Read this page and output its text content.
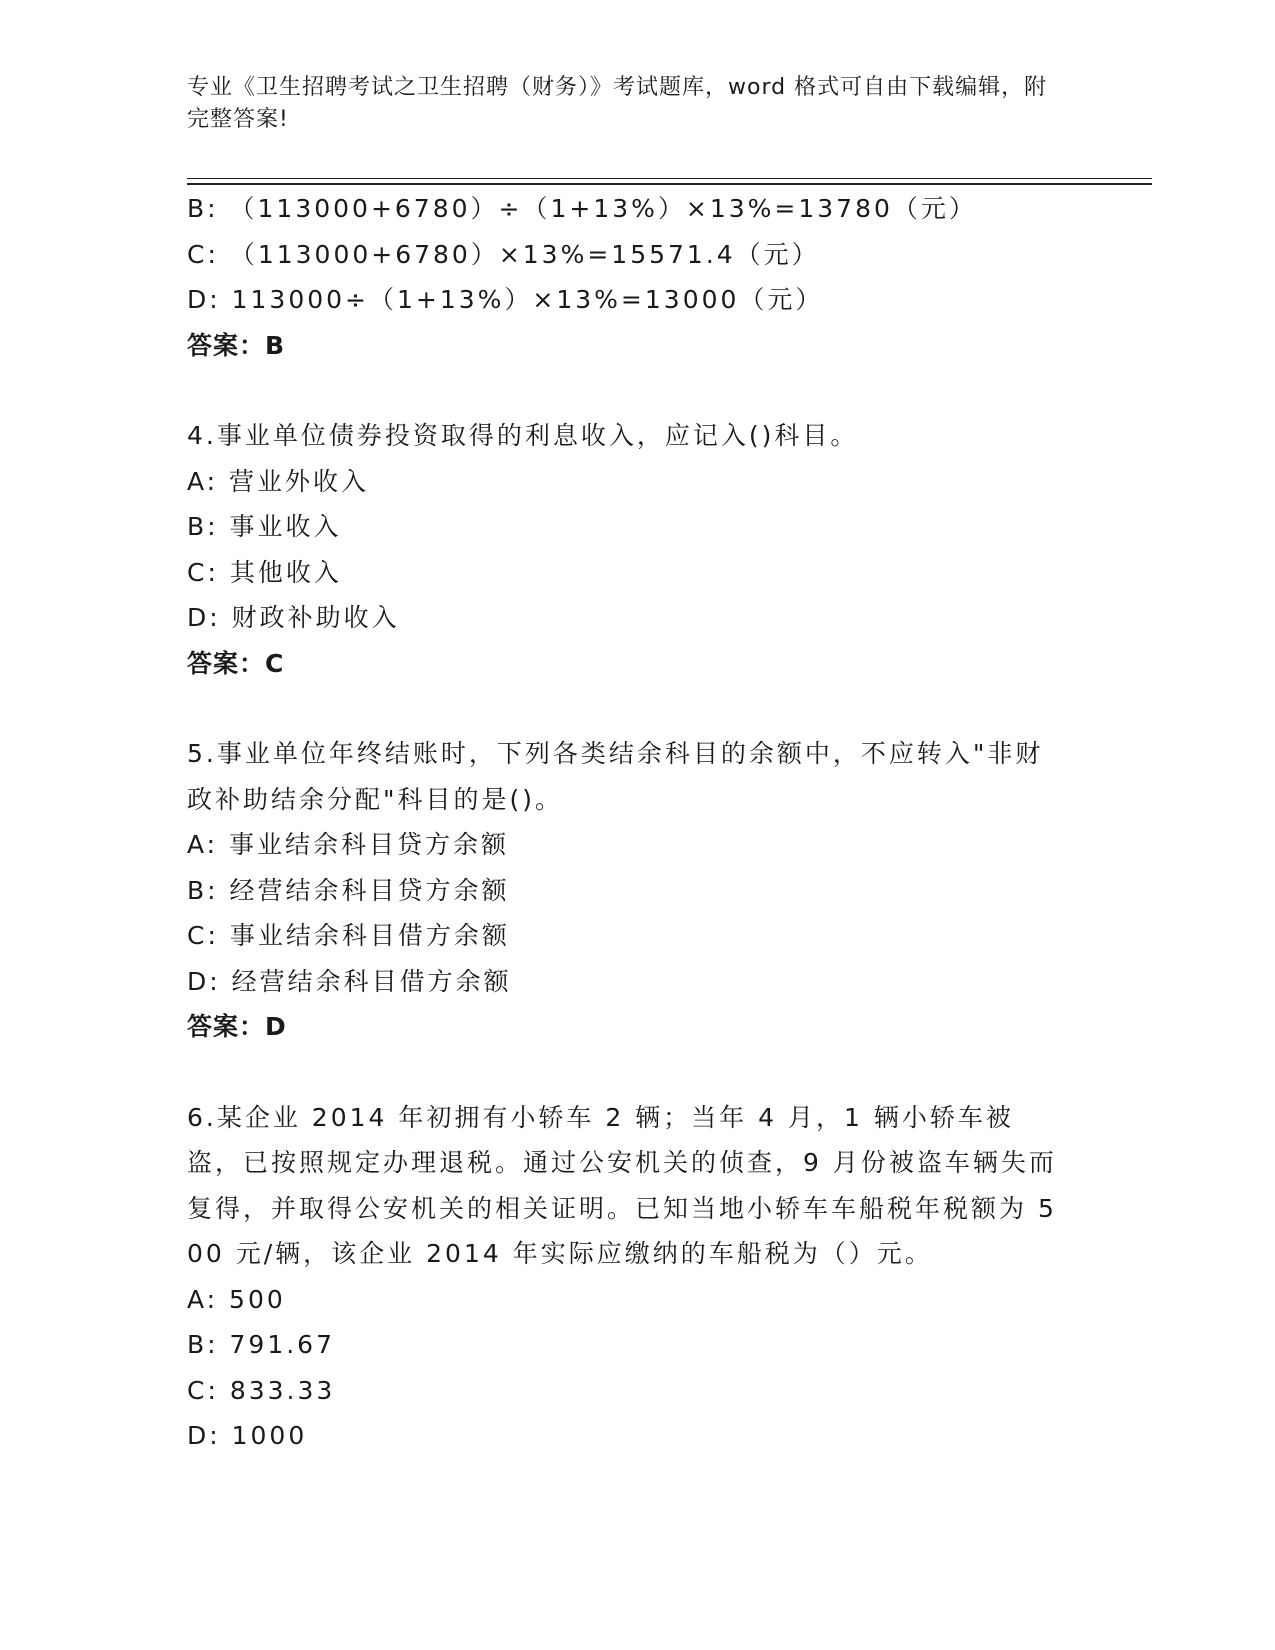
专业《卫生招聘考试之卫生招聘（财务）》考试题库，word 格式可自由下载编辑，附完整答案!
B: （113000+6780）÷（1+13%）×13%=13780（元）
C: （113000+6780）×13%=15571.4（元）
D: 113000÷（1+13%）×13%=13000（元）
答案：B
4.事业单位债券投资取得的利息收入，应记入()科目。
A: 营业外收入
B: 事业收入
C: 其他收入
D: 财政补助收入
答案：C
5.事业单位年终结账时，下列各类结余科目的余额中，不应转入"非财政补助结余分配"科目的是()。
A: 事业结余科目贷方余额
B: 经营结余科目贷方余额
C: 事业结余科目借方余额
D: 经营结余科目借方余额
答案：D
6.某企业 2014 年初拥有小轿车 2 辆；当年 4 月，1 辆小轿车被盗，已按照规定办理退税。通过公安机关的侦查，9 月份被盗车辆失而复得，并取得公安机关的相关证明。已知当地小轿车车船税年税额为 500 元/辆，该企业 2014 年实际应缴纳的车船税为（）元。
A: 500
B: 791.67
C: 833.33
D: 1000
